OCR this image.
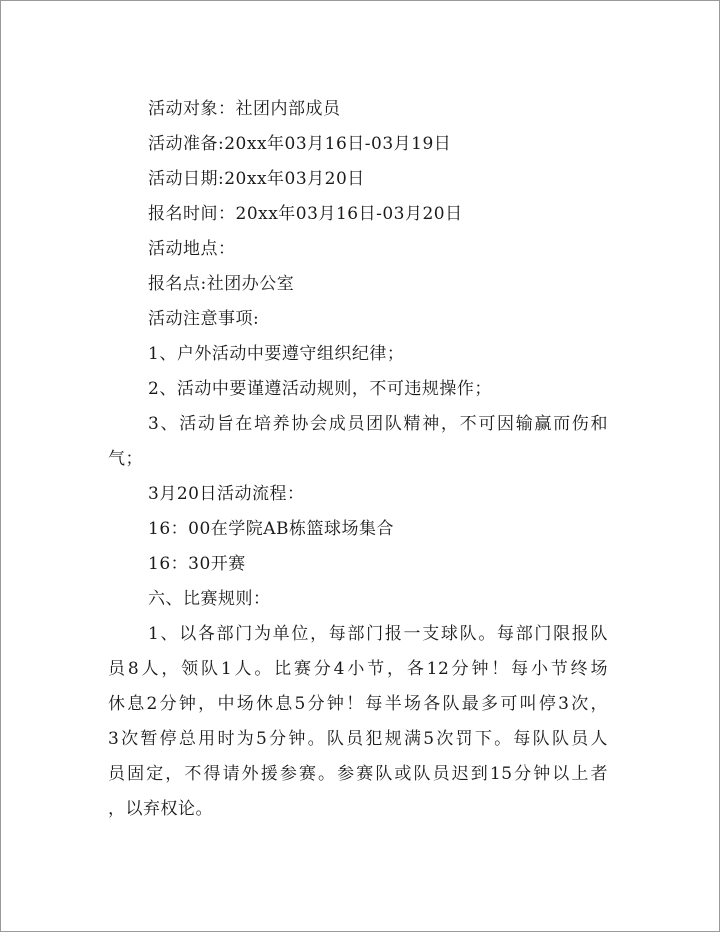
活动对象：社团内部成员
活动准备:20xx年03月16日-03月19日
活动日期:20xx年03月20日
报名时间：20xx年03月16日-03月20日
活动地点：
报名点:社团办公室
活动注意事项:
1、户外活动中要遵守组织纪律；
2、活动中要谨遵活动规则，不可违规操作；
3、活动旨在培养协会成员团队精神，不可因输赢而伤和
气；
3月20日活动流程：
16：00在学院AB栋篮球场集合
16：30开赛
六、比赛规则：
1、以各部门为单位，每部门报一支球队。每部门限报队
员8人，领队1人。比赛分4小节，各12分钟！每小节终场
休息2分钟，中场休息5分钟！每半场各队最多可叫停3次，
3次暂停总用时为5分钟。队员犯规满5次罚下。每队队员人
员固定，不得请外援参赛。参赛队或队员迟到15分钟以上者
，以弃权论。
